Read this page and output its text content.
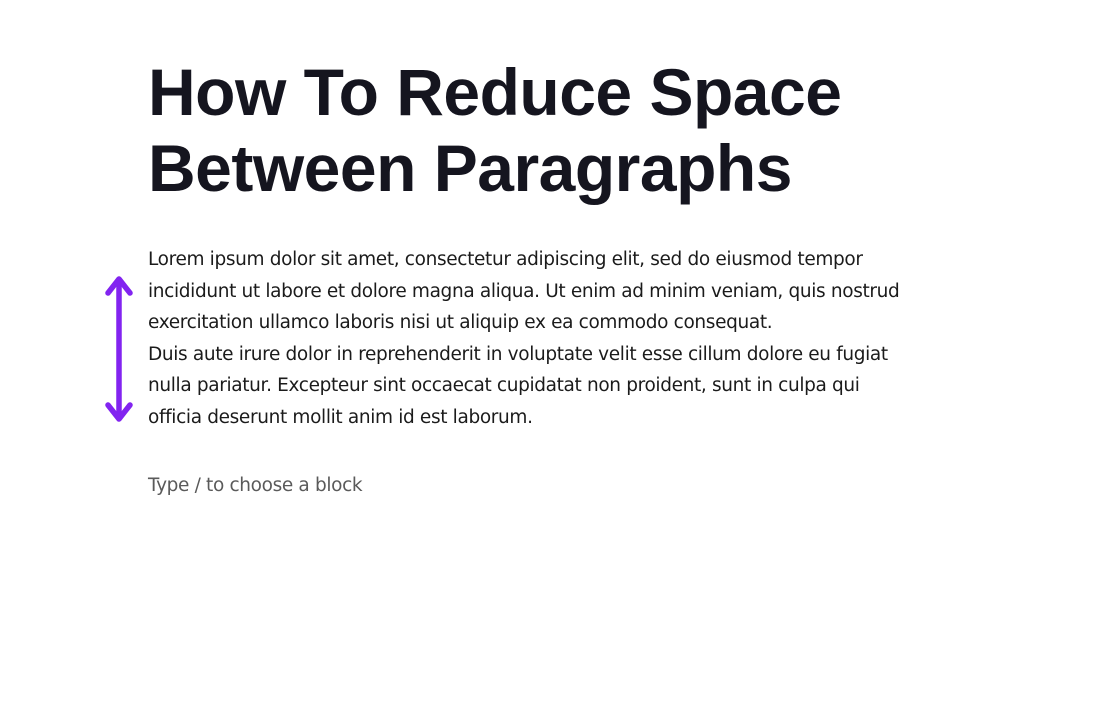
How To Reduce Space
Between Paragraphs

Lorem ipsum dolor sit amet, consectetur adipiscing elit, sed do eiusmod tempor
incididunt ut labore et dolore magna aliqua. Ut enim ad minim veniam, quis nostrud
exercitation ullamco laboris nisi ut aliquip ex ea commodo consequat.
Duis aute irure dolor in reprehenderit in voluptate velit esse cillum dolore eu fugiat
nulla pariatur. Excepteur sint occaecat cupidatat non proident, sunt in culpa qui
officia deserunt mollit anim id est laborum.

Type / to choose a block
